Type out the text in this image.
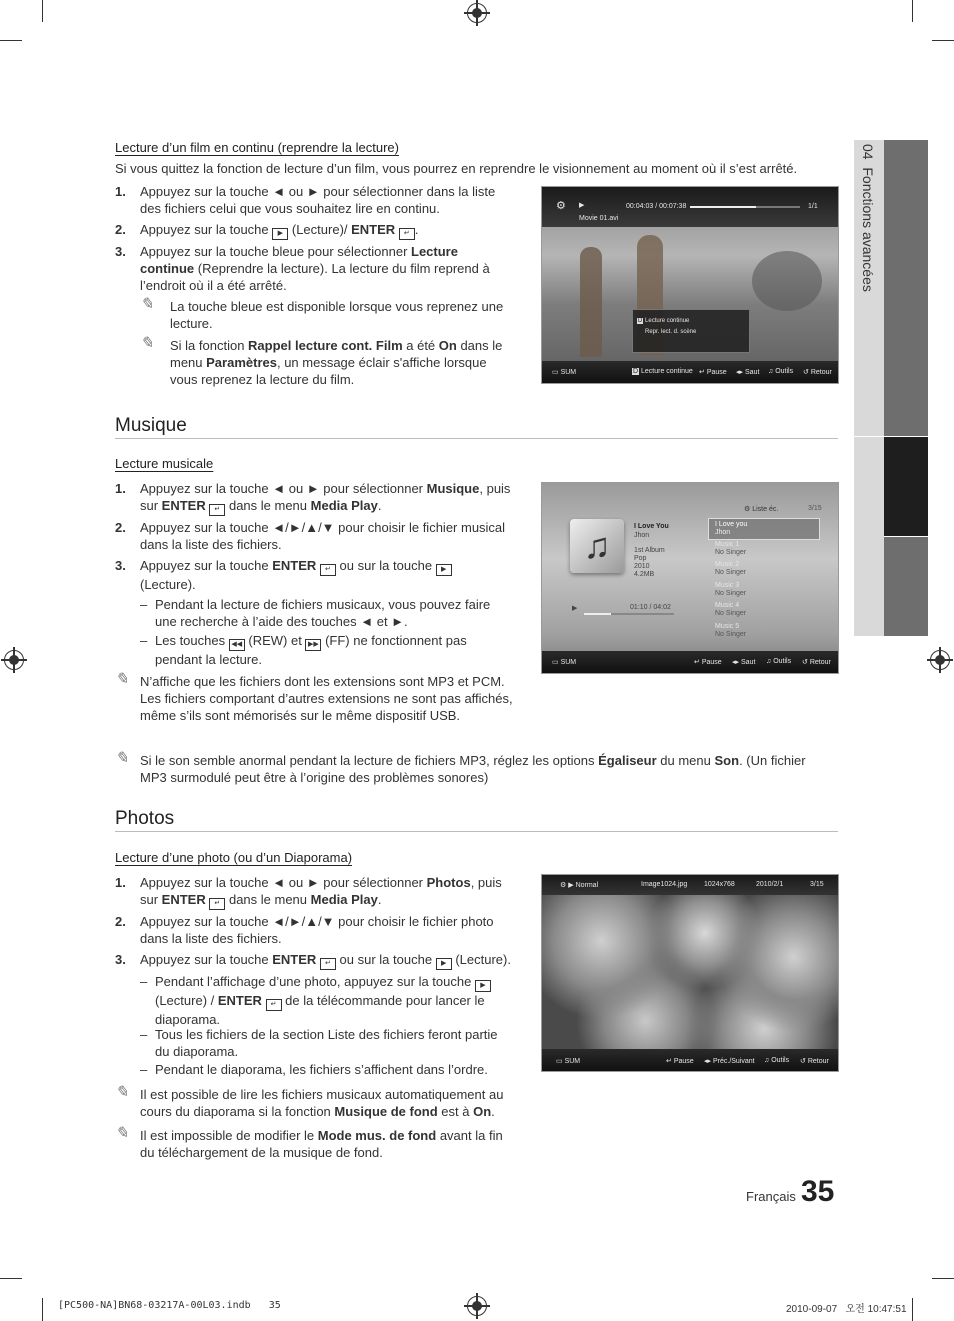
04  Fonctions avancées
Lecture d’un film en continu (reprendre la lecture)
Si vous quittez la fonction de lecture d’un film, vous pourrez en reprendre le visionnement au moment où il s’est arrêté.
1. Appuyez sur la touche ◄ ou ► pour sélectionner dans la liste des fichiers celui que vous souhaitez lire en continu.
2. Appuyez sur la touche ▶ (Lecture)/ ENTER ↵ .
3. Appuyez sur la touche bleue pour sélectionner Lecture continue (Reprendre la lecture). La lecture du film reprend à l’endroit où il a été arrêté.
✎ La touche bleue est disponible lorsque vous reprenez une lecture.
✎ Si la fonction Rappel lecture cont. Film a été On dans le menu Paramètres, un message éclair s'affiche lorsque vous reprenez la lecture du film.
⚙ ▶	00:04:03 / 00:07:38	1/1
Movie 01.avi
D Lecture continue
Repr. lect. d. scène
▭ SUM	D Lecture continue ↵ Pause ◂▸ Saut ♫ Outils ↺ Retour
Musique
Lecture musicale
1. Appuyez sur la touche ◄ ou ► pour sélectionner Musique, puis sur ENTER ↵ dans le menu Media Play.
2. Appuyez sur la touche ◄/►/▲/▼ pour choisir le fichier musical dans la liste des fichiers.
3. Appuyez sur la touche ENTER ↵ ou sur la touche ▶ (Lecture).
– Pendant la lecture de fichiers musicaux, vous pouvez faire une recherche à l’aide des touches ◄ et ►.
– Les touches ◀◀ (REW) et ▶▶ (FF) ne fonctionnent pas pendant la lecture.
✎ N’affiche que les fichiers dont les extensions sont MP3 et PCM. Les fichiers comportant d’autres extensions ne sont pas affichés, même s’ils sont mémorisés sur le même dispositif USB.
✎ Si le son semble anormal pendant la lecture de fichiers MP3, réglez les options Égaliseur du menu Son. (Un fichier MP3 surmodulé peut être à l’origine des problèmes sonores)
⚙ Liste éc.	3/15
♫	I Love You
Jhon
1st Album
Pop
2010
4.2MB
▶	01:10 / 04:02
I Love you
Jhon
Music 1
No Singer
Music 2
No Singer
Music 3
No Singer
Music 4
No Singer
Music 5
No Singer
▭ SUM	↵ Pause ◂▸ Saut ♫ Outils ↺ Retour
Photos
Lecture d’une photo (ou d’un Diaporama)
1. Appuyez sur la touche ◄ ou ► pour sélectionner Photos, puis sur ENTER ↵ dans le menu Media Play.
2. Appuyez sur la touche ◄/►/▲/▼ pour choisir le fichier photo dans la liste des fichiers.
3. Appuyez sur la touche ENTER ↵ ou sur la touche ▶ (Lecture).
– Pendant l’affichage d’une photo, appuyez sur la touche ▶ (Lecture) / ENTER ↵ de la télécommande pour lancer le diaporama.
– Tous les fichiers de la section Liste des fichiers feront partie du diaporama.
– Pendant le diaporama, les fichiers s’affichent dans l’ordre.
✎ Il est possible de lire les fichiers musicaux automatiquement au cours du diaporama si la fonction Musique de fond est à On.
✎ Il est impossible de modifier le Mode mus. de fond avant la fin du téléchargement de la musique de fond.
⚙ ▶ Normal	Image1024.jpg 1024x768	2010/2/1	3/15
▭ SUM	↵ Pause ◂▸ Préc./Suivant ♫ Outils ↺ Retour
Français 35
[PC500-NA]BN68-03217A-00L03.indb   35	2010-09-07   오전 10:47:51
